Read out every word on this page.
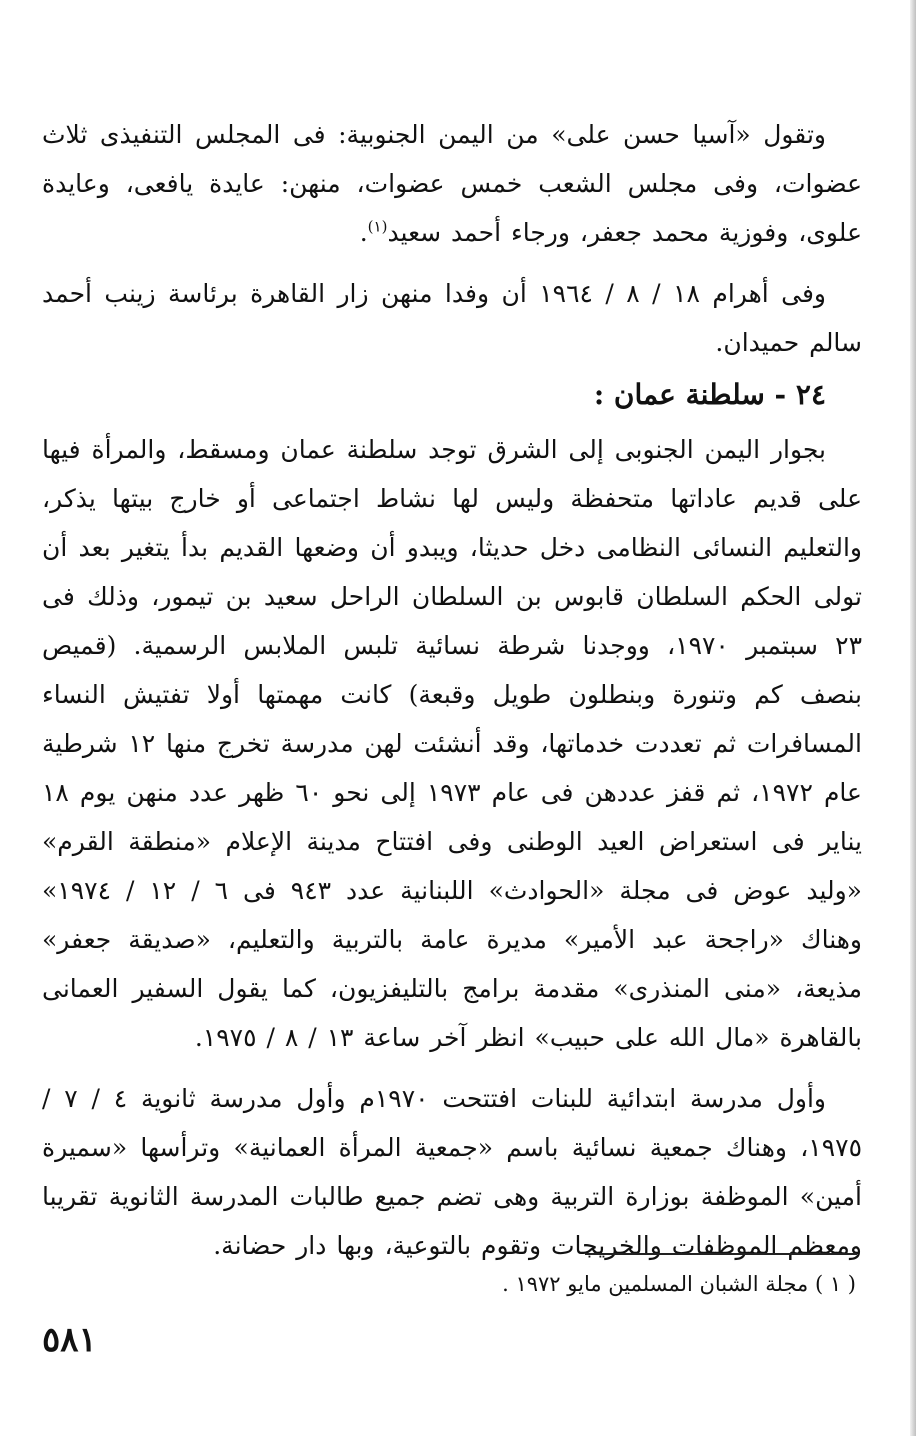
وتقول «آسيا حسن على» من اليمن الجنوبية: فى المجلس التنفيذى ثلاث عضوات، وفى مجلس الشعب خمس عضوات، منهن: عايدة يافعى، وعايدة علوى، وفوزية محمد جعفر، ورجاء أحمد سعيد$^{(١)}$.

وفى أهرام ١٨ / ٨ / ١٩٦٤ أن وفدا منهن زار القاهرة برئاسة زينب أحمد سالم حميدان.

٢٤ - سلطنة عمان :

بجوار اليمن الجنوبى إلى الشرق توجد سلطنة عمان ومسقط، والمرأة فيها على قديم عاداتها متحفظة وليس لها نشاط اجتماعى أو خارج بيتها يذكر، والتعليم النسائى النظامى دخل حديثا، ويبدو أن وضعها القديم بدأ يتغير بعد أن تولى الحكم السلطان قابوس بن السلطان الراحل سعيد بن تيمور، وذلك فى ٢٣ سبتمبر ١٩٧٠، ووجدنا شرطة نسائية تلبس الملابس الرسمية. (قميص بنصف كم وتنورة وبنطلون طويل وقبعة) كانت مهمتها أولا تفتيش النساء المسافرات ثم تعددت خدماتها، وقد أنشئت لهن مدرسة تخرج منها ١٢ شرطية عام ١٩٧٢، ثم قفز عددهن فى عام ١٩٧٣ إلى نحو ٦٠ ظهر عدد منهن يوم ١٨ يناير فى استعراض العيد الوطنى وفى افتتاح مدينة الإعلام «منطقة القرم» «وليد عوض فى مجلة «الحوادث» اللبنانية عدد ٩٤٣ فى ٦ / ١٢ / ١٩٧٤» وهناك «راجحة عبد الأمير» مديرة عامة بالتربية والتعليم، «صديقة جعفر» مذيعة، «منى المنذرى» مقدمة برامج بالتليفزيون، كما يقول السفير العمانى بالقاهرة «مال الله على حبيب» انظر آخر ساعة ١٣ / ٨ / ١٩٧٥.

وأول مدرسة ابتدائية للبنات افتتحت ١٩٧٠م وأول مدرسة ثانوية ٤ / ٧ / ١٩٧٥، وهناك جمعية نسائية باسم «جمعية المرأة العمانية» وترأسها «سميرة أمين» الموظفة بوزارة التربية وهى تضم جميع طالبات المدرسة الثانوية تقريبا ومعظم الموظفات والخريجات وتقوم بالتوعية، وبها دار حضانة.

( ١ ) مجلة الشبان المسلمين مايو ١٩٧٢ .

٥٨١
